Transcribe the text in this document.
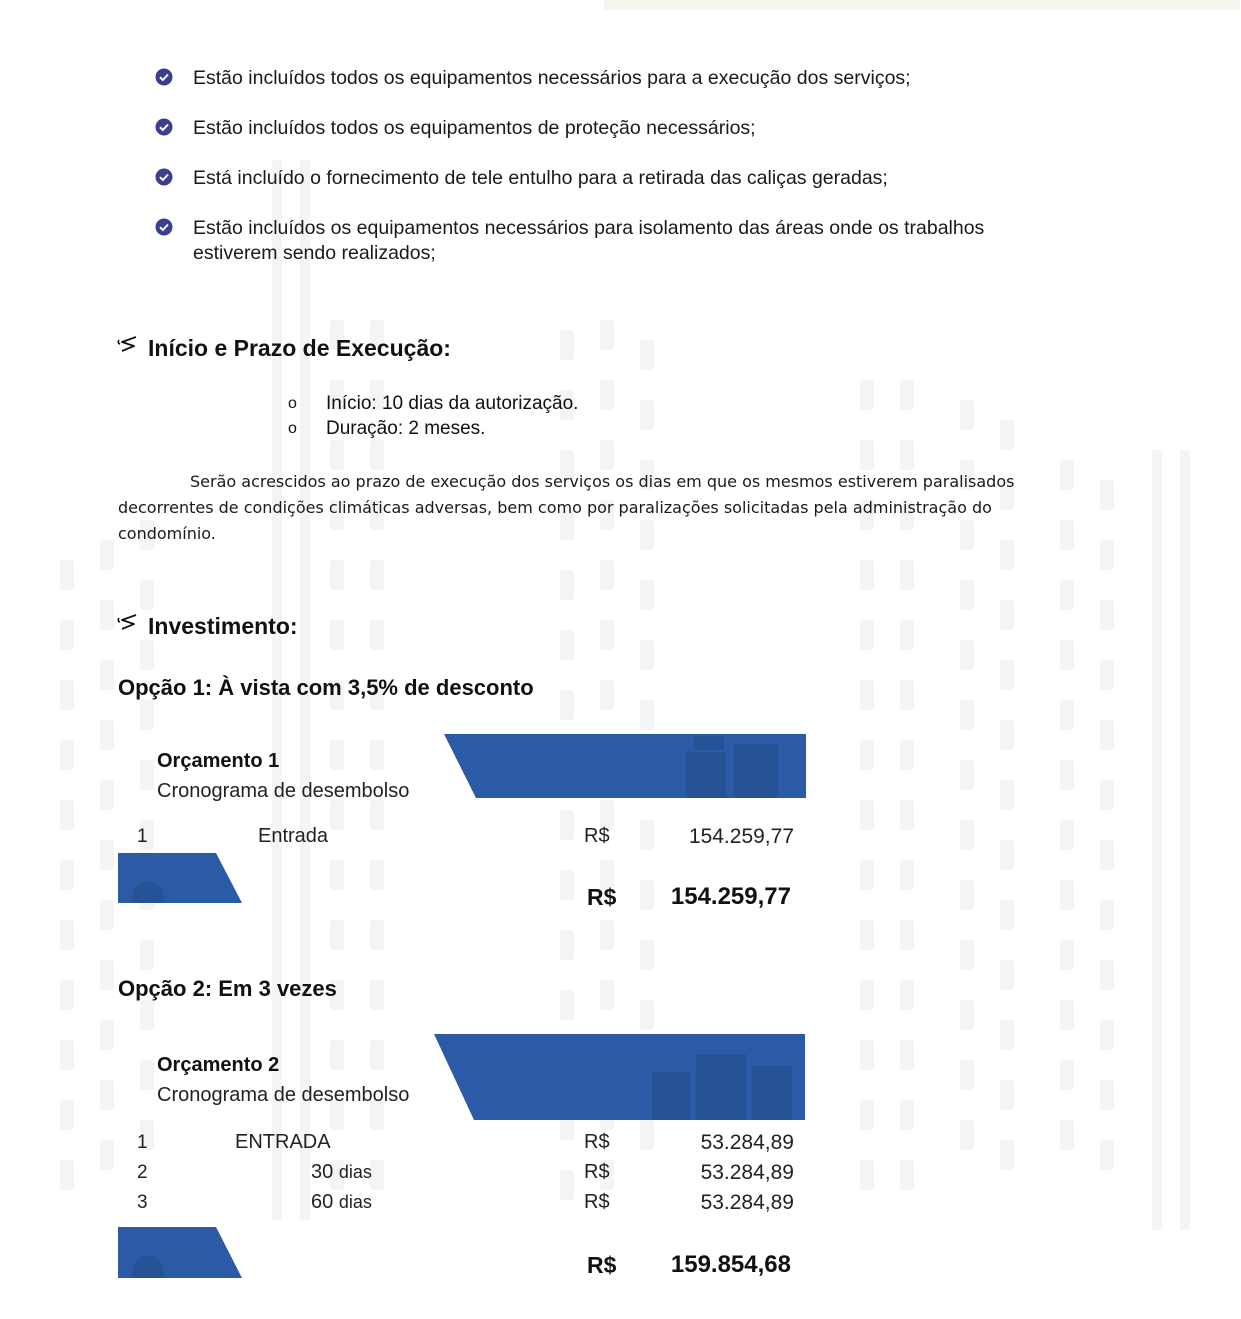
Estão incluídos todos os equipamentos necessários para a execução dos serviços;
Estão incluídos todos os equipamentos de proteção necessários;
Está incluído o fornecimento de tele entulho para a retirada das caliças geradas;
Estão incluídos os equipamentos necessários para isolamento das áreas onde os trabalhos estiverem sendo realizados;
Início e Prazo de Execução:
o	Início: 10 dias da autorização.
o	Duração: 2 meses.
Serão acrescidos ao prazo de execução dos serviços os dias em que os mesmos estiverem paralisados decorrentes de condições climáticas adversas, bem como por paralizações solicitadas pela administração do condomínio.
Investimento:
Opção 1: À vista com 3,5% de desconto
Orçamento 1
Cronograma de desembolso
1	Entrada	R$	154.259,77
R$ 154.259,77
Opção 2: Em 3 vezes
Orçamento 2
Cronograma de desembolso
1	ENTRADA	R$	53.284,89
2	30 dias	R$	53.284,89
3	60 dias	R$	53.284,89
R$ 159.854,68
